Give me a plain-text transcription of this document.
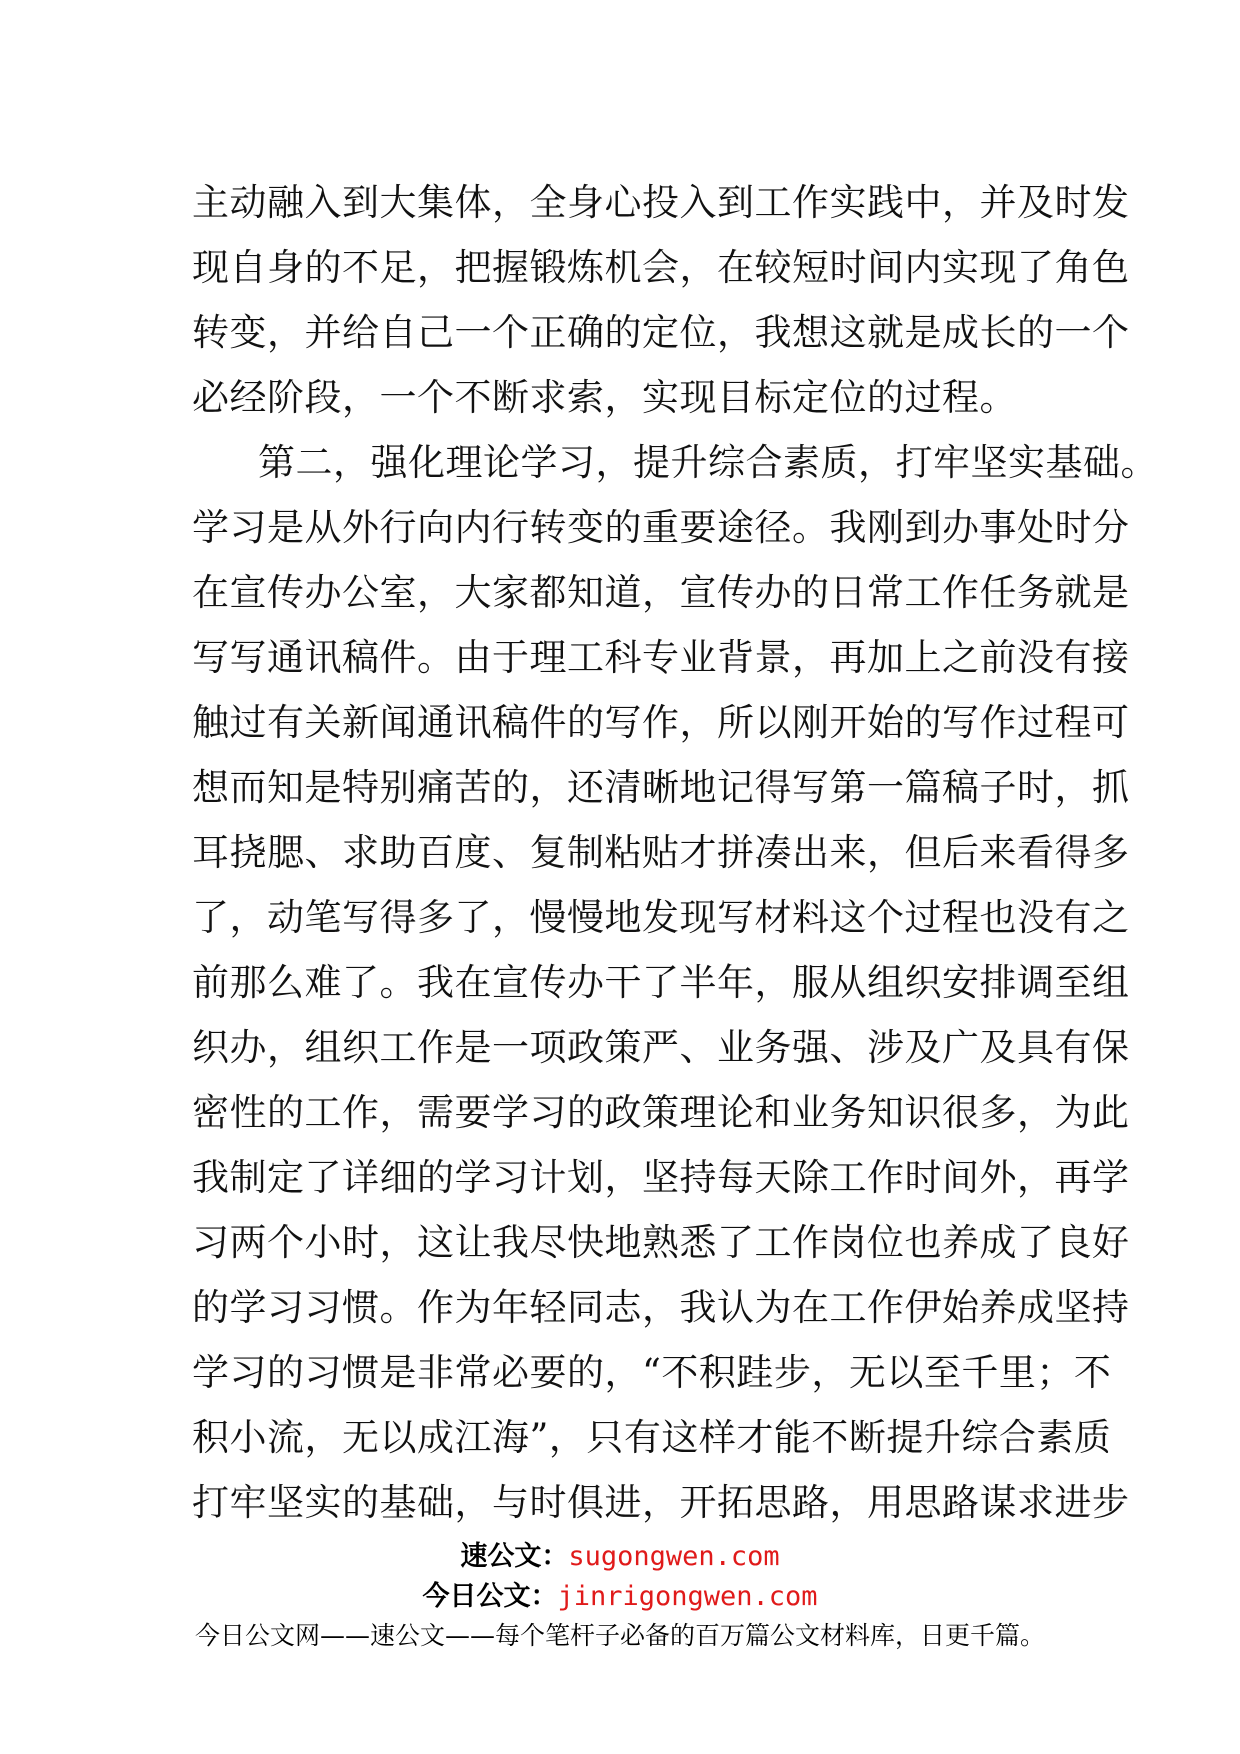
主动融入到大集体，全身心投入到工作实践中，并及时发
现自身的不足，把握锻炼机会，在较短时间内实现了角色
转变，并给自己一个正确的定位，我想这就是成长的一个
必经阶段，一个不断求索，实现目标定位的过程。
第二，强化理论学习，提升综合素质，打牢坚实基础。
学习是从外行向内行转变的重要途径。我刚到办事处时分
在宣传办公室，大家都知道，宣传办的日常工作任务就是
写写通讯稿件。由于理工科专业背景，再加上之前没有接
触过有关新闻通讯稿件的写作，所以刚开始的写作过程可
想而知是特别痛苦的，还清晰地记得写第一篇稿子时，抓
耳挠腮、求助百度、复制粘贴才拼凑出来，但后来看得多
了，动笔写得多了，慢慢地发现写材料这个过程也没有之
前那么难了。我在宣传办干了半年，服从组织安排调至组
织办，组织工作是一项政策严、业务强、涉及广及具有保
密性的工作，需要学习的政策理论和业务知识很多，为此
我制定了详细的学习计划，坚持每天除工作时间外，再学
习两个小时，这让我尽快地熟悉了工作岗位也养成了良好
的学习习惯。作为年轻同志，我认为在工作伊始养成坚持
学习的习惯是非常必要的，“不积跬步，无以至千里；不
积小流，无以成江海”，只有这样才能不断提升综合素质
打牢坚实的基础，与时俱进，开拓思路，用思路谋求进步
速公文：sugongwen.com
今日公文：jinrigongwen.com
今日公文网——速公文——每个笔杆子必备的百万篇公文材料库，日更千篇。
